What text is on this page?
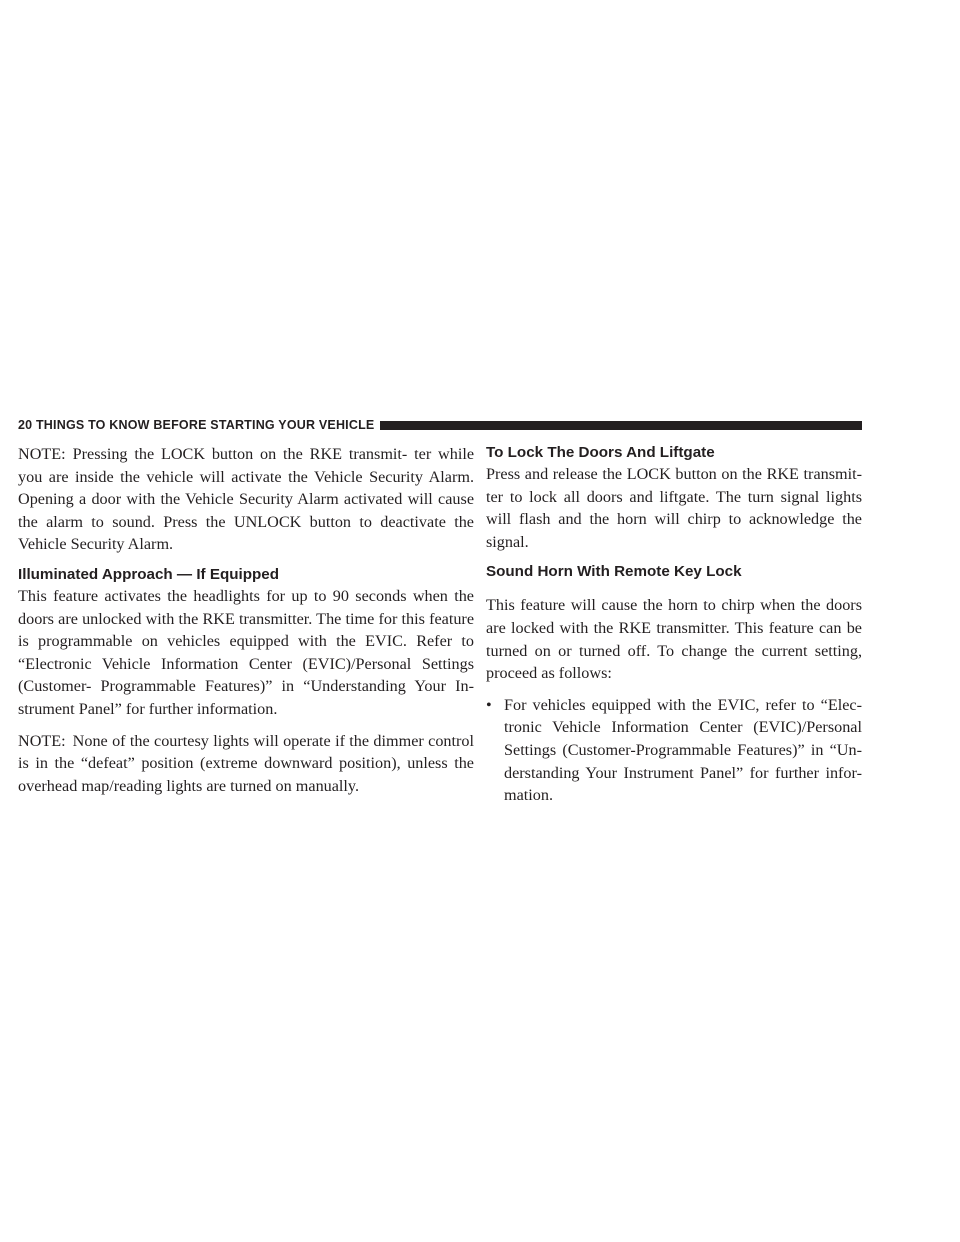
20 THINGS TO KNOW BEFORE STARTING YOUR VEHICLE

NOTE: Pressing the LOCK button on the RKE transmit- ter while you are inside the vehicle will activate the Vehicle Security Alarm. Opening a door with the Vehicle Security Alarm activated will cause the alarm to sound. Press the UNLOCK button to deactivate the Vehicle Security Alarm.

Illuminated Approach — If Equipped

This feature activates the headlights for up to 90 seconds when the doors are unlocked with the RKE transmitter. The time for this feature is programmable on vehicles equipped with the EVIC. Refer to “Electronic Vehicle Information Center (EVIC)/Personal Settings (Customer- Programmable Features)” in “Understanding Your In- strument Panel” for further information.

NOTE: None of the courtesy lights will operate if the dimmer control is in the “defeat” position (extreme downward position), unless the overhead map/reading lights are turned on manually.

To Lock The Doors And Liftgate

Press and release the LOCK button on the RKE transmit- ter to lock all doors and liftgate. The turn signal lights will flash and the horn will chirp to acknowledge the signal.

Sound Horn With Remote Key Lock

This feature will cause the horn to chirp when the doors are locked with the RKE transmitter. This feature can be turned on or turned off. To change the current setting, proceed as follows:

• For vehicles equipped with the EVIC, refer to “Elec- tronic Vehicle Information Center (EVIC)/Personal Settings (Customer-Programmable Features)” in “Un- derstanding Your Instrument Panel” for further infor- mation.
